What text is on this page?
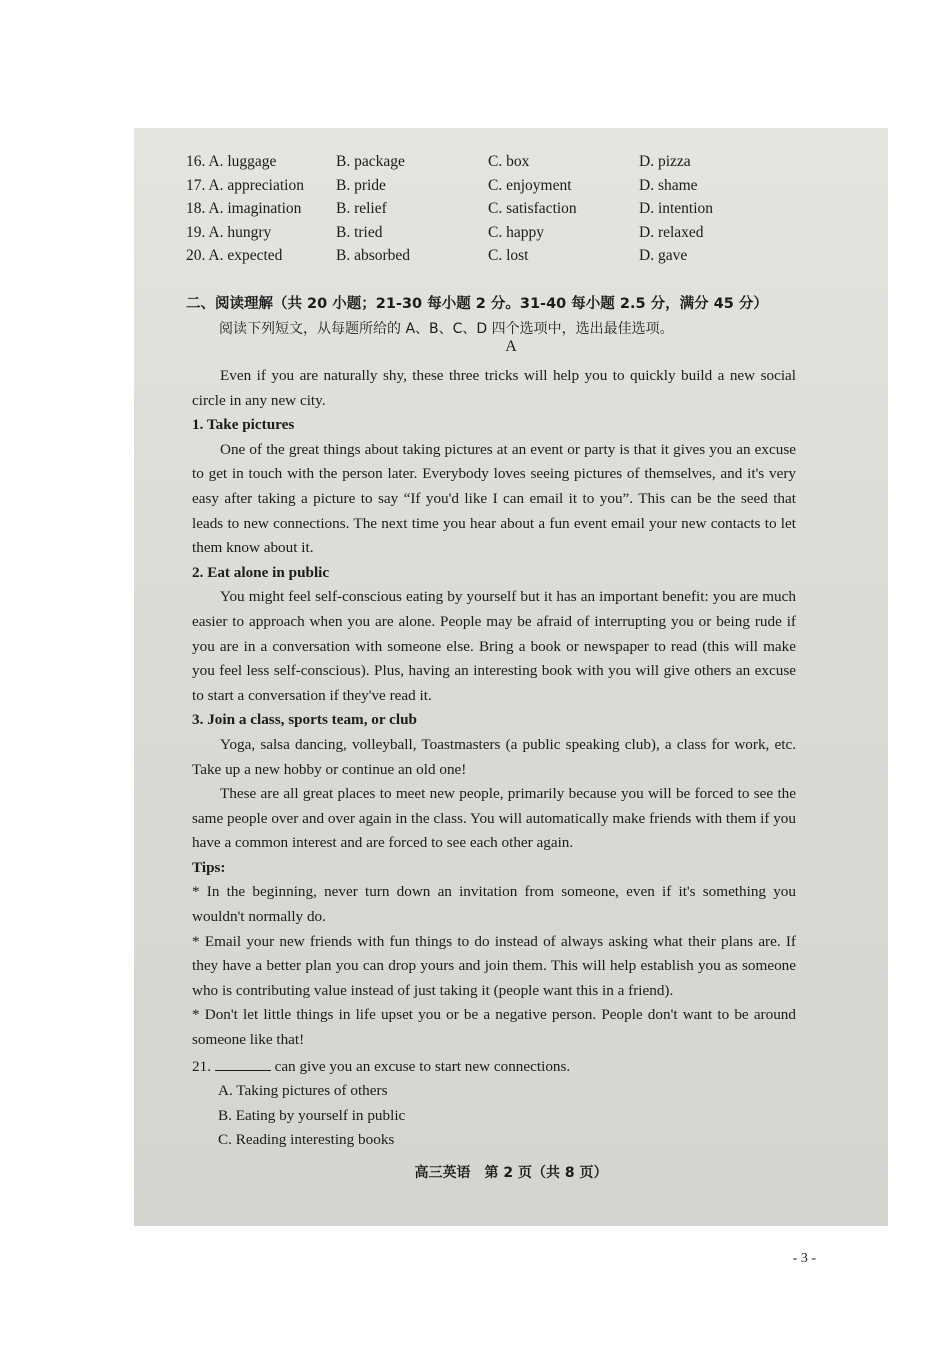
16. A. luggage	B. package	C. box	D. pizza
17. A. appreciation	B. pride	C. enjoyment	D. shame
18. A. imagination	B. relief	C. satisfaction	D. intention
19. A. hungry	B. tried	C. happy	D. relaxed
20. A. expected	B. absorbed	C. lost	D. gave
二、阅读理解（共 20 小题；21-30 每小题 2 分。31-40 每小题 2.5 分，满分 45 分）
阅读下列短文，从每题所给的 A、B、C、D 四个选项中，选出最佳选项。
A

Even if you are naturally shy, these three tricks will help you to quickly build a new social circle in any new city.

1. Take pictures

One of the great things about taking pictures at an event or party is that it gives you an excuse to get in touch with the person later. Everybody loves seeing pictures of themselves, and it's very easy after taking a picture to say “If you'd like I can email it to you”. This can be the seed that leads to new connections. The next time you hear about a fun event email your new contacts to let them know about it.

2. Eat alone in public

You might feel self-conscious eating by yourself but it has an important benefit: you are much easier to approach when you are alone. People may be afraid of interrupting you or being rude if you are in a conversation with someone else. Bring a book or newspaper to read (this will make you feel less self-conscious). Plus, having an interesting book with you will give others an excuse to start a conversation if they've read it.

3. Join a class, sports team, or club

Yoga, salsa dancing, volleyball, Toastmasters (a public speaking club), a class for work, etc. Take up a new hobby or continue an old one!

These are all great places to meet new people, primarily because you will be forced to see the same people over and over again in the class. You will automatically make friends with them if you have a common interest and are forced to see each other again.

Tips:

* In the beginning, never turn down an invitation from someone, even if it's something you wouldn't normally do.

* Email your new friends with fun things to do instead of always asking what their plans are. If they have a better plan you can drop yours and join them. This will help establish you as someone who is contributing value instead of just taking it (people want this in a friend).

* Don't let little things in life upset you or be a negative person. People don't want to be around someone like that!

21.	can give you an excuse to start new connections.

A. Taking pictures of others

B. Eating by yourself in public

C. Reading interesting books

高三英语　第 2 页（共 8 页）
- 3 -
